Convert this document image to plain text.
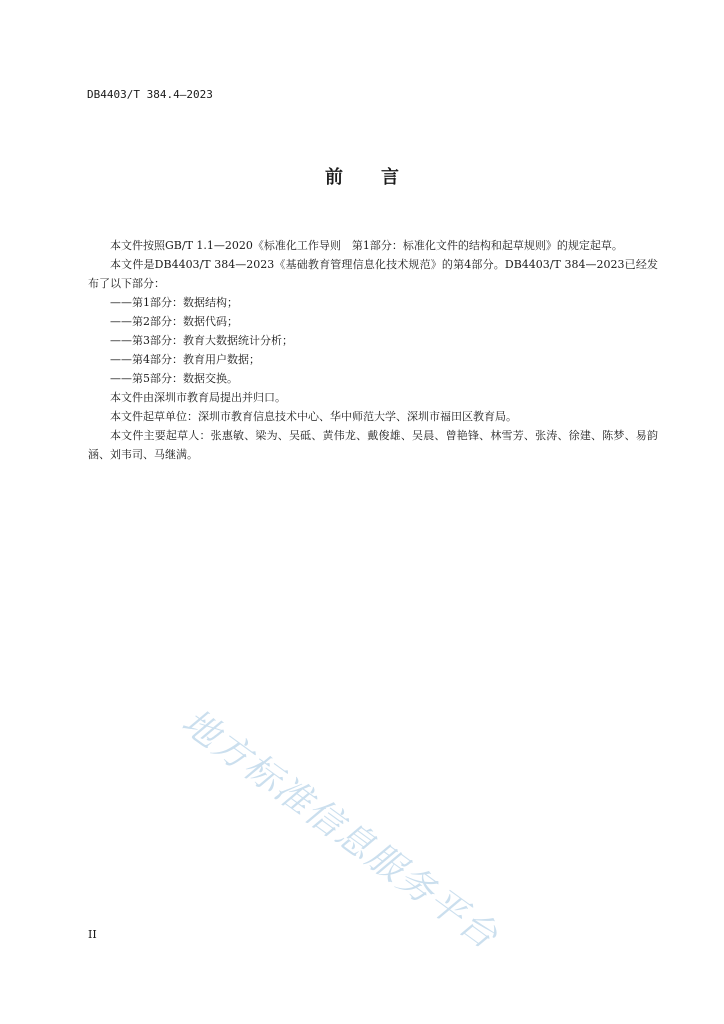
DB4403/T 384.4—2023
前 言

本文件按照GB/T 1.1—2020《标准化工作导则　第1部分：标准化文件的结构和起草规则》的规定起草。

本文件是DB4403/T 384—2023《基础教育管理信息化技术规范》的第4部分。DB4403/T 384—2023已经发布了以下部分：

——第1部分：数据结构；

——第2部分：数据代码；

——第3部分：教育大数据统计分析；

——第4部分：教育用户数据；

——第5部分：数据交换。

本文件由深圳市教育局提出并归口。

本文件起草单位：深圳市教育信息技术中心、华中师范大学、深圳市福田区教育局。

本文件主要起草人：张惠敏、梁为、吴砥、黄伟龙、戴俊雄、吴晨、曾艳锋、林雪芳、张涛、徐建、陈梦、易韵涵、刘韦司、马继满。

地方标准信息服务平台
II
